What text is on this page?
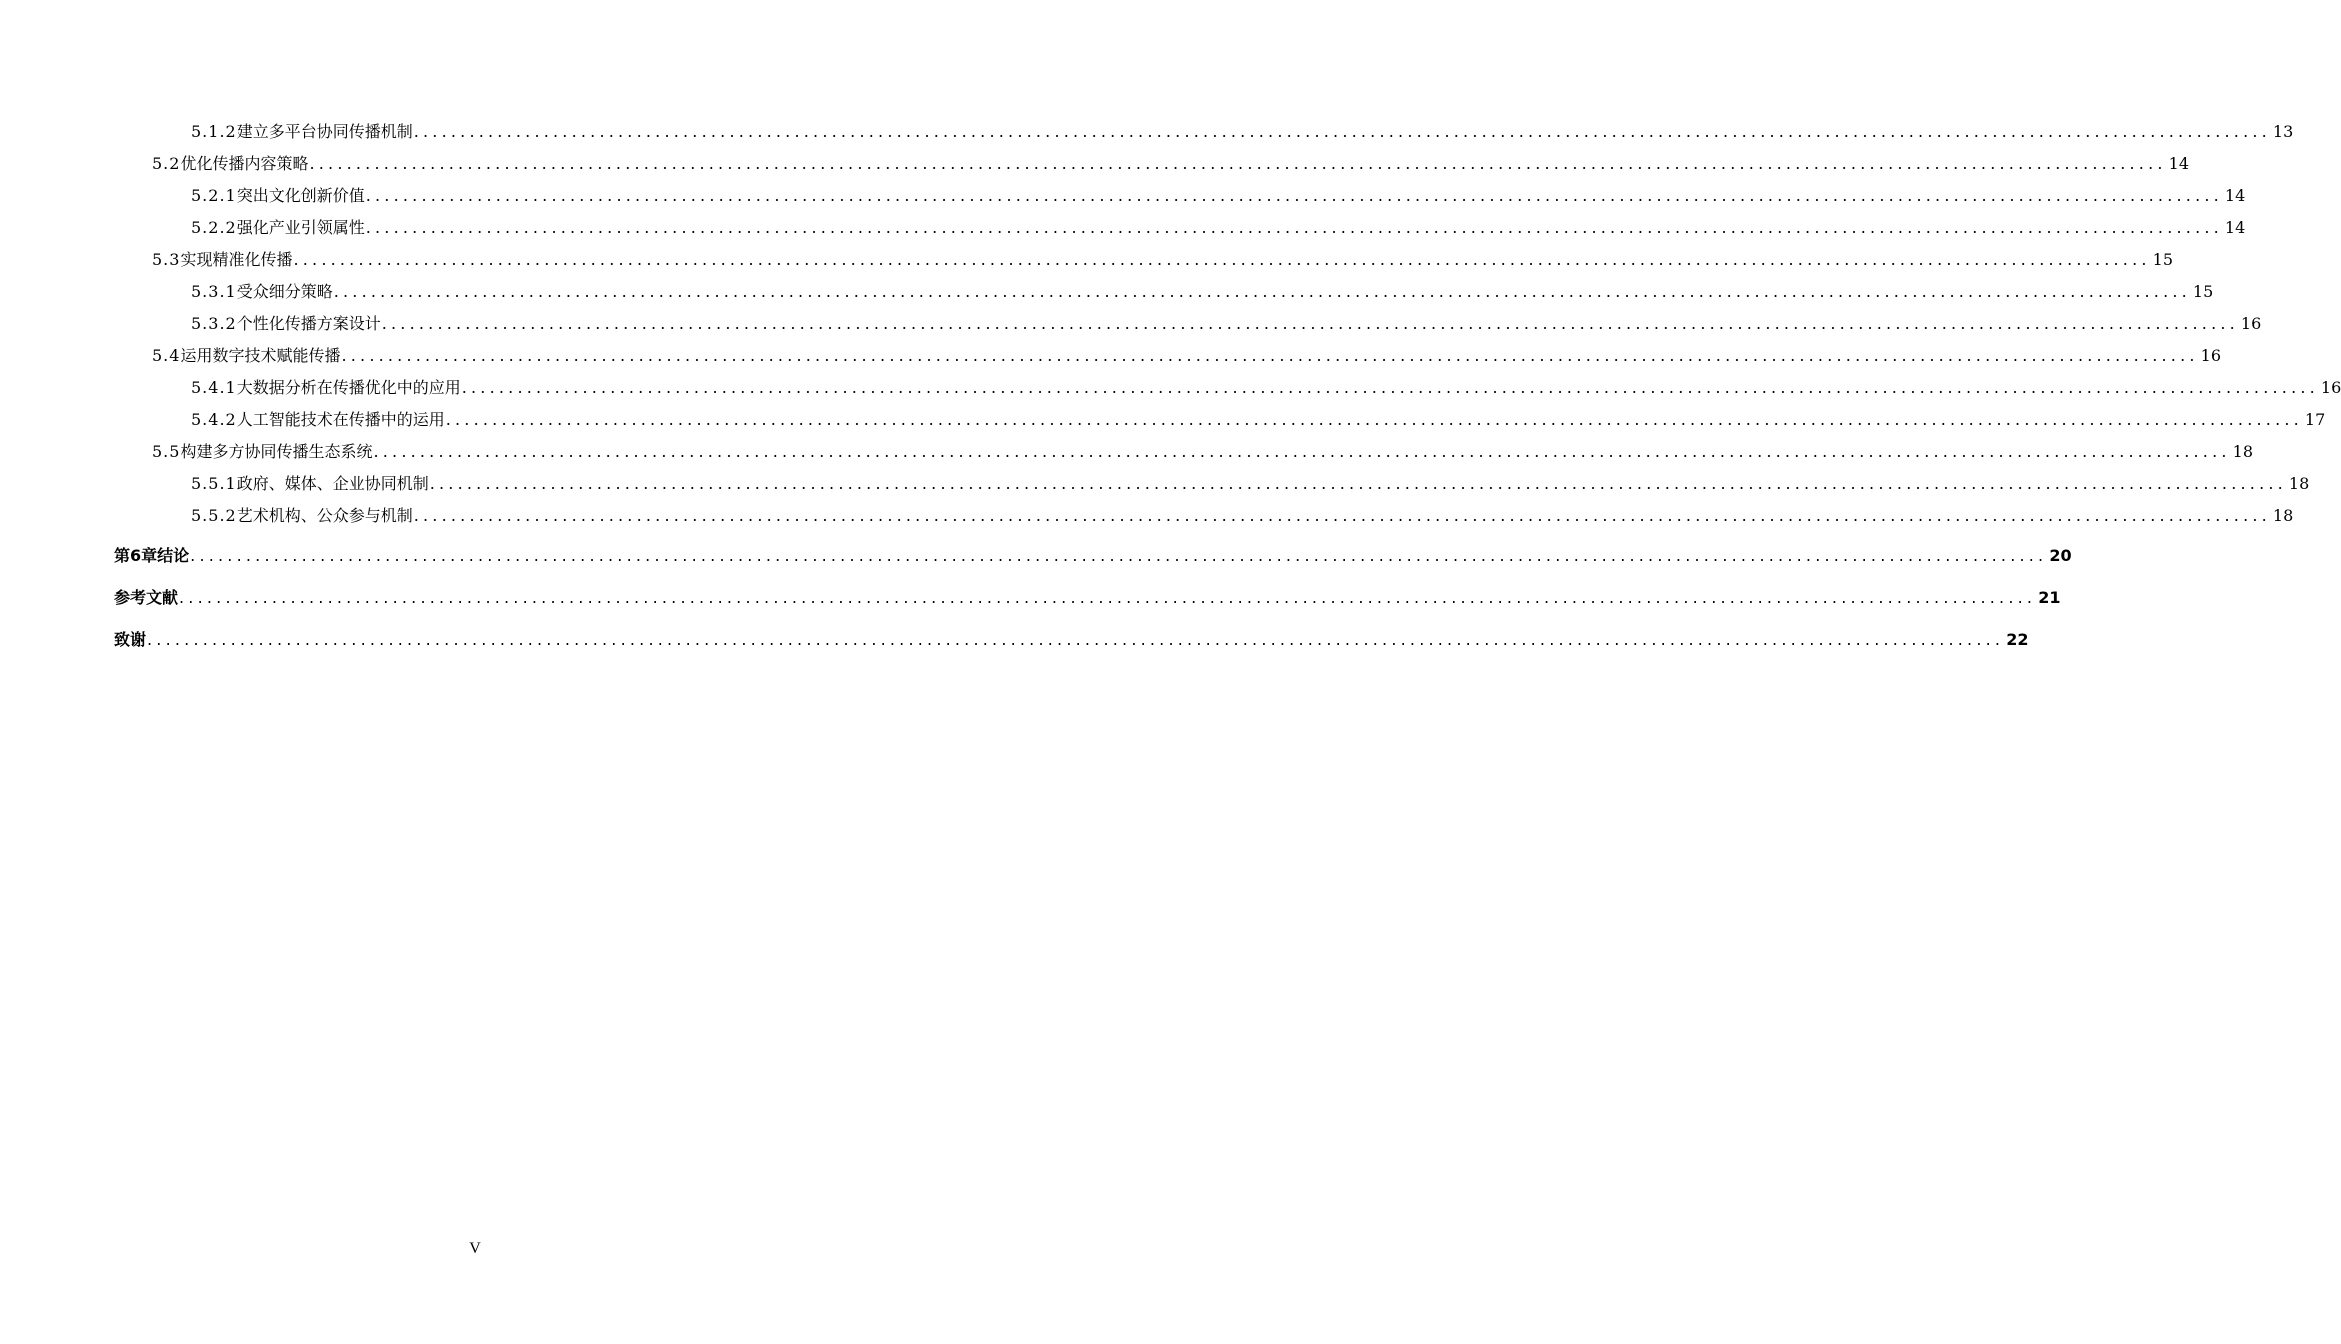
5.1.2 建立多平台协同传播机制 ........................................................................................................................................................................................................ 13
5.2 优化传播内容策略 ........................................................................................................................................................................................................ 14
5.2.1 突出文化创新价值 ........................................................................................................................................................................................................ 14
5.2.2 强化产业引领属性 ........................................................................................................................................................................................................ 14
5.3 实现精准化传播 ........................................................................................................................................................................................................ 15
5.3.1 受众细分策略 ........................................................................................................................................................................................................ 15
5.3.2 个性化传播方案设计 ........................................................................................................................................................................................................ 16
5.4 运用数字技术赋能传播 ........................................................................................................................................................................................................ 16
5.4.1 大数据分析在传播优化中的应用 ........................................................................................................................................................................................................ 16
5.4.2 人工智能技术在传播中的运用 ........................................................................................................................................................................................................ 17
5.5 构建多方协同传播生态系统 ........................................................................................................................................................................................................ 18
5.5.1 政府、媒体、企业协同机制 ........................................................................................................................................................................................................ 18
5.5.2 艺术机构、公众参与机制 ........................................................................................................................................................................................................ 18
第6章 结论 ........................................................................................................................................................................................................ 20
参考文献 ........................................................................................................................................................................................................ 21
致谢 ........................................................................................................................................................................................................ 22
V
